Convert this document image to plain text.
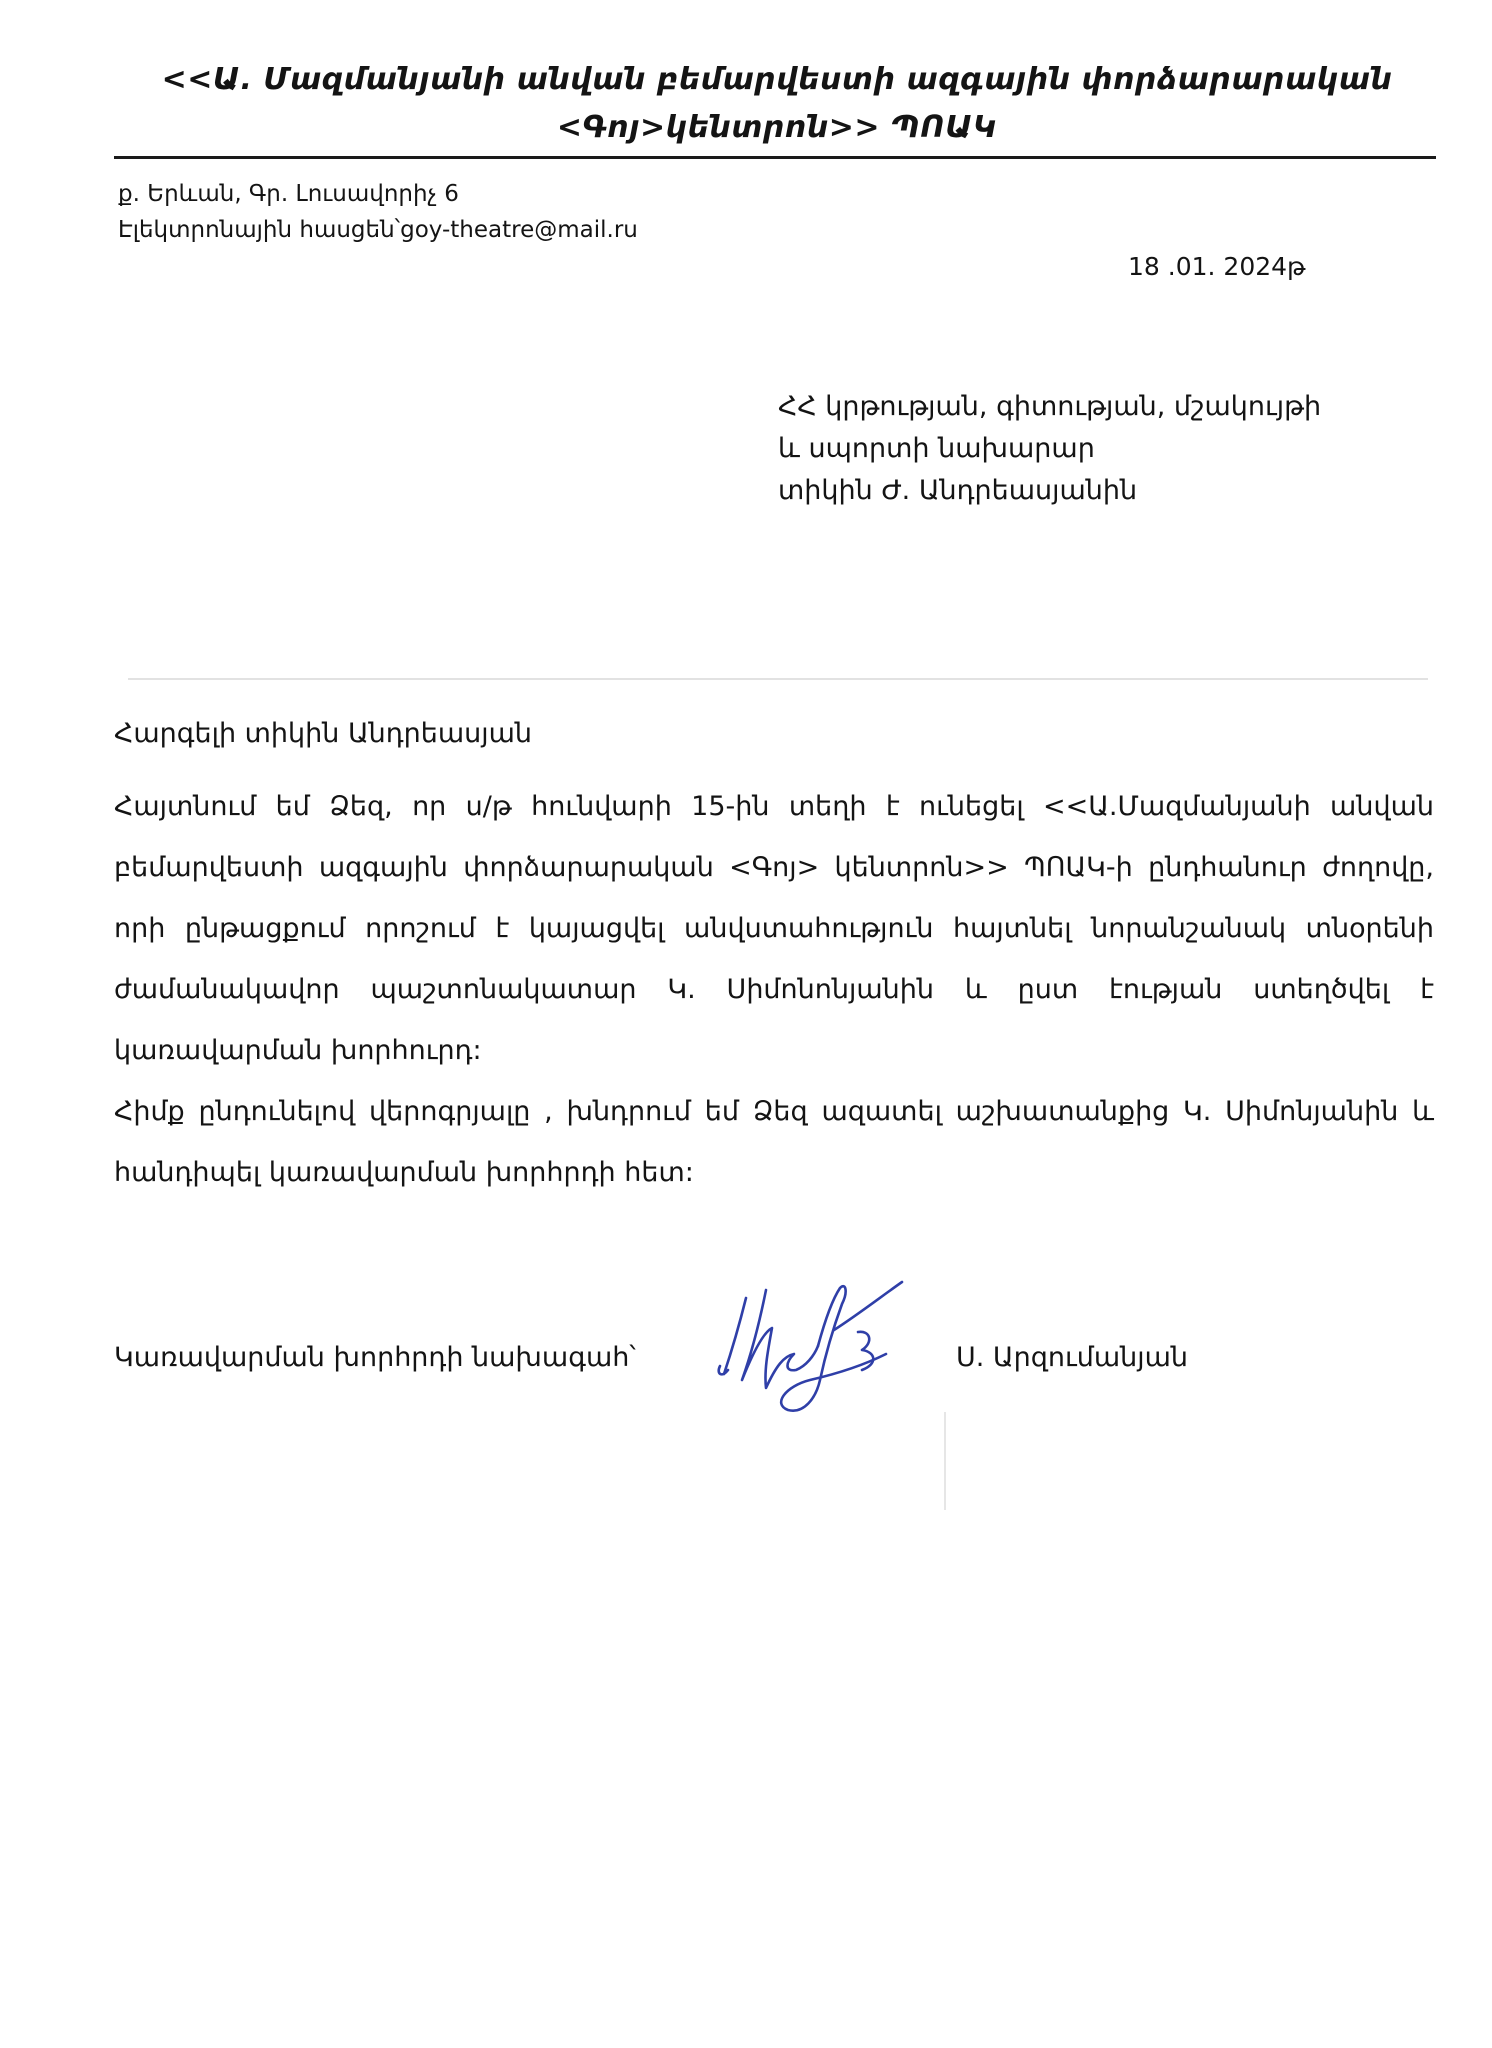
<<Ա. Մազմանյանի անվան բեմարվեստի ազգային փորձարարական
<Գոյ>կենտրոն>> ՊՈԱԿ
ք. Երևան, Գր. Լուսավորիչ 6
Էլեկտրոնային հասցեն՝goy-theatre@mail.ru
18 .01. 2024թ
ՀՀ կրթության, գիտության, մշակույթի
և սպորտի նախարար
տիկին Ժ. Անդրեասյանին
Հարգելի տիկին Անդրեասյան

Հայտնում եմ Ձեզ, որ ս/թ հունվարի 15-ին տեղի է ունեցել <<Ա.Մազմանյանի անվան բեմարվեստի ազգային փորձարարական <Գոյ> կենտրոն>> ՊՈԱԿ-ի ընդհանուր ժողովը, որի ընթացքում որոշում է կայացվել անվստահություն հայտնել նորանշանակ տնօրենի ժամանակավոր պաշտոնակատար Կ. Սիմոնոնյանին և ըստ էության ստեղծվել է կառավարման խորհուրդ:

Հիմք ընդունելով վերոգրյալը , խնդրում եմ Ձեզ ազատել աշխատանքից Կ. Սիմոնյանին և հանդիպել կառավարման խորհրդի հետ:

Կառավարման խորհրդի նախագահ՝	Ս. Արզումանյան
